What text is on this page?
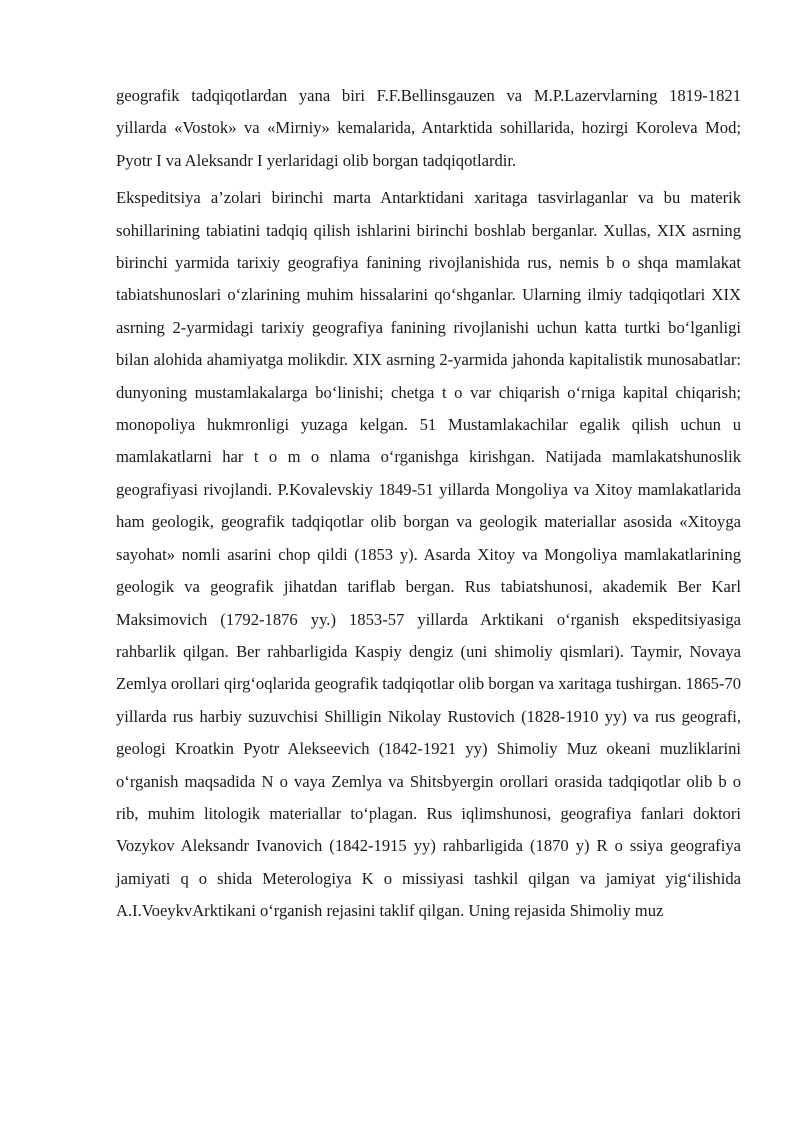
geografik tadqiqotlardan yana biri F.F.Bellinsgauzen va M.P.Lazervlarning 1819-1821 yillarda «Vostok» va «Mirniy» kemalarida, Antarktida sohillarida, hozirgi Koroleva Mod; Pyotr I va Aleksandr I yerlaridagi olib borgan tadqiqotlardir.

Ekspeditsiya a’zolari birinchi marta Antarktidani xaritaga tasvirlaganlar va bu materik sohillarining tabiatini tadqiq qilish ishlarini birinchi boshlab berganlar. Xullas, XIX asrning birinchi yarmida tarixiy geografiya fanining rivojlanishida rus, nemis b o shqa mamlakat tabiatshunoslari o‘zlarining muhim hissalarini qo‘shganlar. Ularning ilmiy tadqiqotlari XIX asrning 2-yarmidagi tarixiy geografiya fanining rivojlanishi uchun katta turtki bo‘lganligi bilan alohida ahamiyatga molikdir. XIX asrning 2-yarmida jahonda kapitalistik munosabatlar: dunyoning mustamlakalarga bo‘linishi; chetga t o var chiqarish o‘rniga kapital chiqarish; monopoliya hukmronligi yuzaga kelgan. 51 Mustamlakachilar egalik qilish uchun u mamlakatlarni har t o m o nlama o‘rganishga kirishgan. Natijada mamlakatshunoslik geografiyasi rivojlandi. P.Kovalevskiy 1849-51 yillarda Mongoliya va Xitoy mamlakatlarida ham geologik, geografik tadqiqotlar olib borgan va geologik materiallar asosida «Xitoyga sayohat» nomli asarini chop qildi (1853 y). Asarda Xitoy va Mongoliya mamlakatlarining geologik va geografik jihatdan tariflab bergan. Rus tabiatshunosi, akademik Ber Karl Maksimovich (1792-1876 yy.) 1853-57 yillarda Arktikani o‘rganish ekspeditsiyasiga rahbarlik qilgan. Ber rahbarligida Kaspiy dengiz (uni shimoliy qismlari). Taymir, Novaya Zemlya orollari qirg‘oqlarida geografik tadqiqotlar olib borgan va xaritaga tushirgan. 1865-70 yillarda rus harbiy suzuvchisi Shilligin Nikolay Rustovich (1828-1910 yy) va rus geografi, geologi Kroatkin Pyotr Alekseevich (1842-1921 yy) Shimoliy Muz okeani muzliklarini o‘rganish maqsadida N o vaya Zemlya va Shitsbyergin orollari orasida tadqiqotlar olib b o rib, muhim litologik materiallar to‘plagan. Rus iqlimshunosi, geografiya fanlari doktori Vozykov Aleksandr Ivanovich (1842-1915 yy) rahbarligida (1870 y) R o ssiya geografiya jamiyati q o shida Meterologiya K o missiyasi tashkil qilgan va jamiyat yig‘ilishida A.I.VoeykvArktikani o‘rganish rejasini taklif qilgan. Uning rejasida Shimoliy muz
